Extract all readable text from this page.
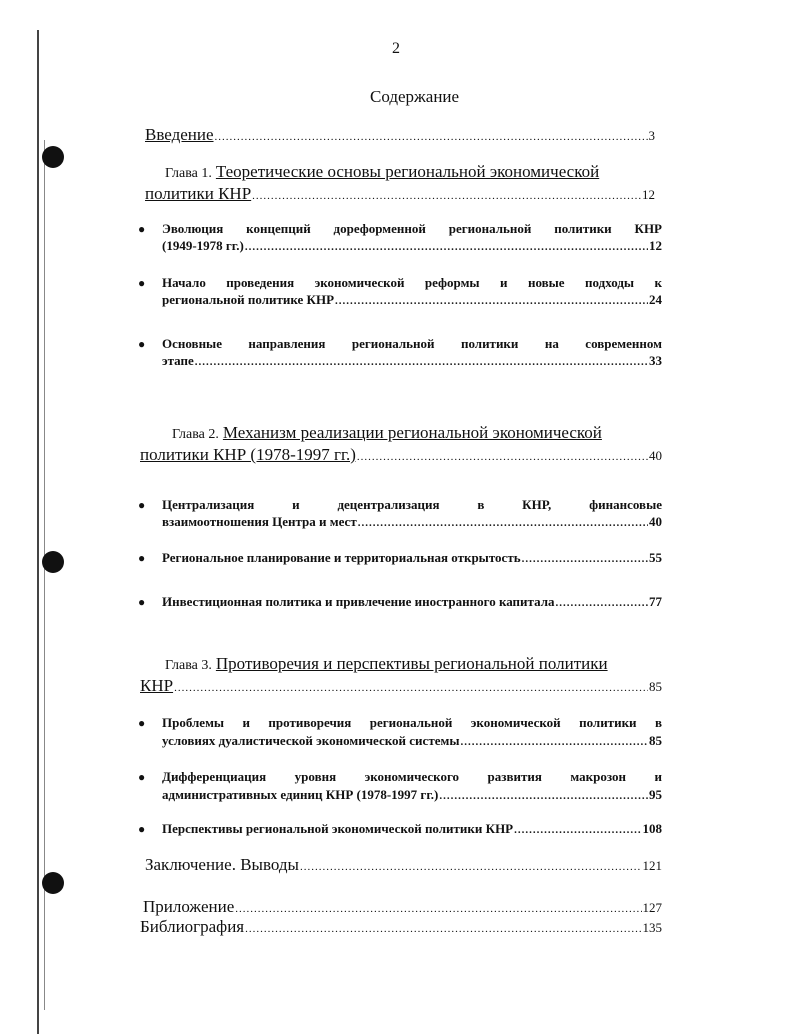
2
Содержание
Введение .....	3
Глава 1. Теоретические основы региональной экономической
политики КНР .....	12
● Эволюция концепций дореформенной региональной политики КНР
(1949-1978 гг.) .....	12
● Начало проведения экономической реформы и новые подходы к
региональной политике КНР .....	24
● Основные направления региональной политики на современном
этапе .....	33
Глава 2. Механизм реализации региональной экономической
политики КНР (1978-1997 гг.) .....	40
● Централизация и децентрализация в КНР, финансовые
взаимоотношения Центра и мест .....	40
● Региональное планирование и территориальная открытость .....	55
● Инвестиционная политика и привлечение иностранного капитала .....	77
Глава 3. Противоречия и перспективы региональной политики
КНР .....	85
● Проблемы и противоречия региональной экономической политики в
условиях дуалистической экономической системы .....	85
● Дифференциация уровня экономического развития макрозон и
административных единиц КНР (1978-1997 гг.) .....	95
● Перспективы региональной экономической политики КНР .....	108
Заключение. Выводы .....	121
Приложение .....	127
Библиография .....	135
